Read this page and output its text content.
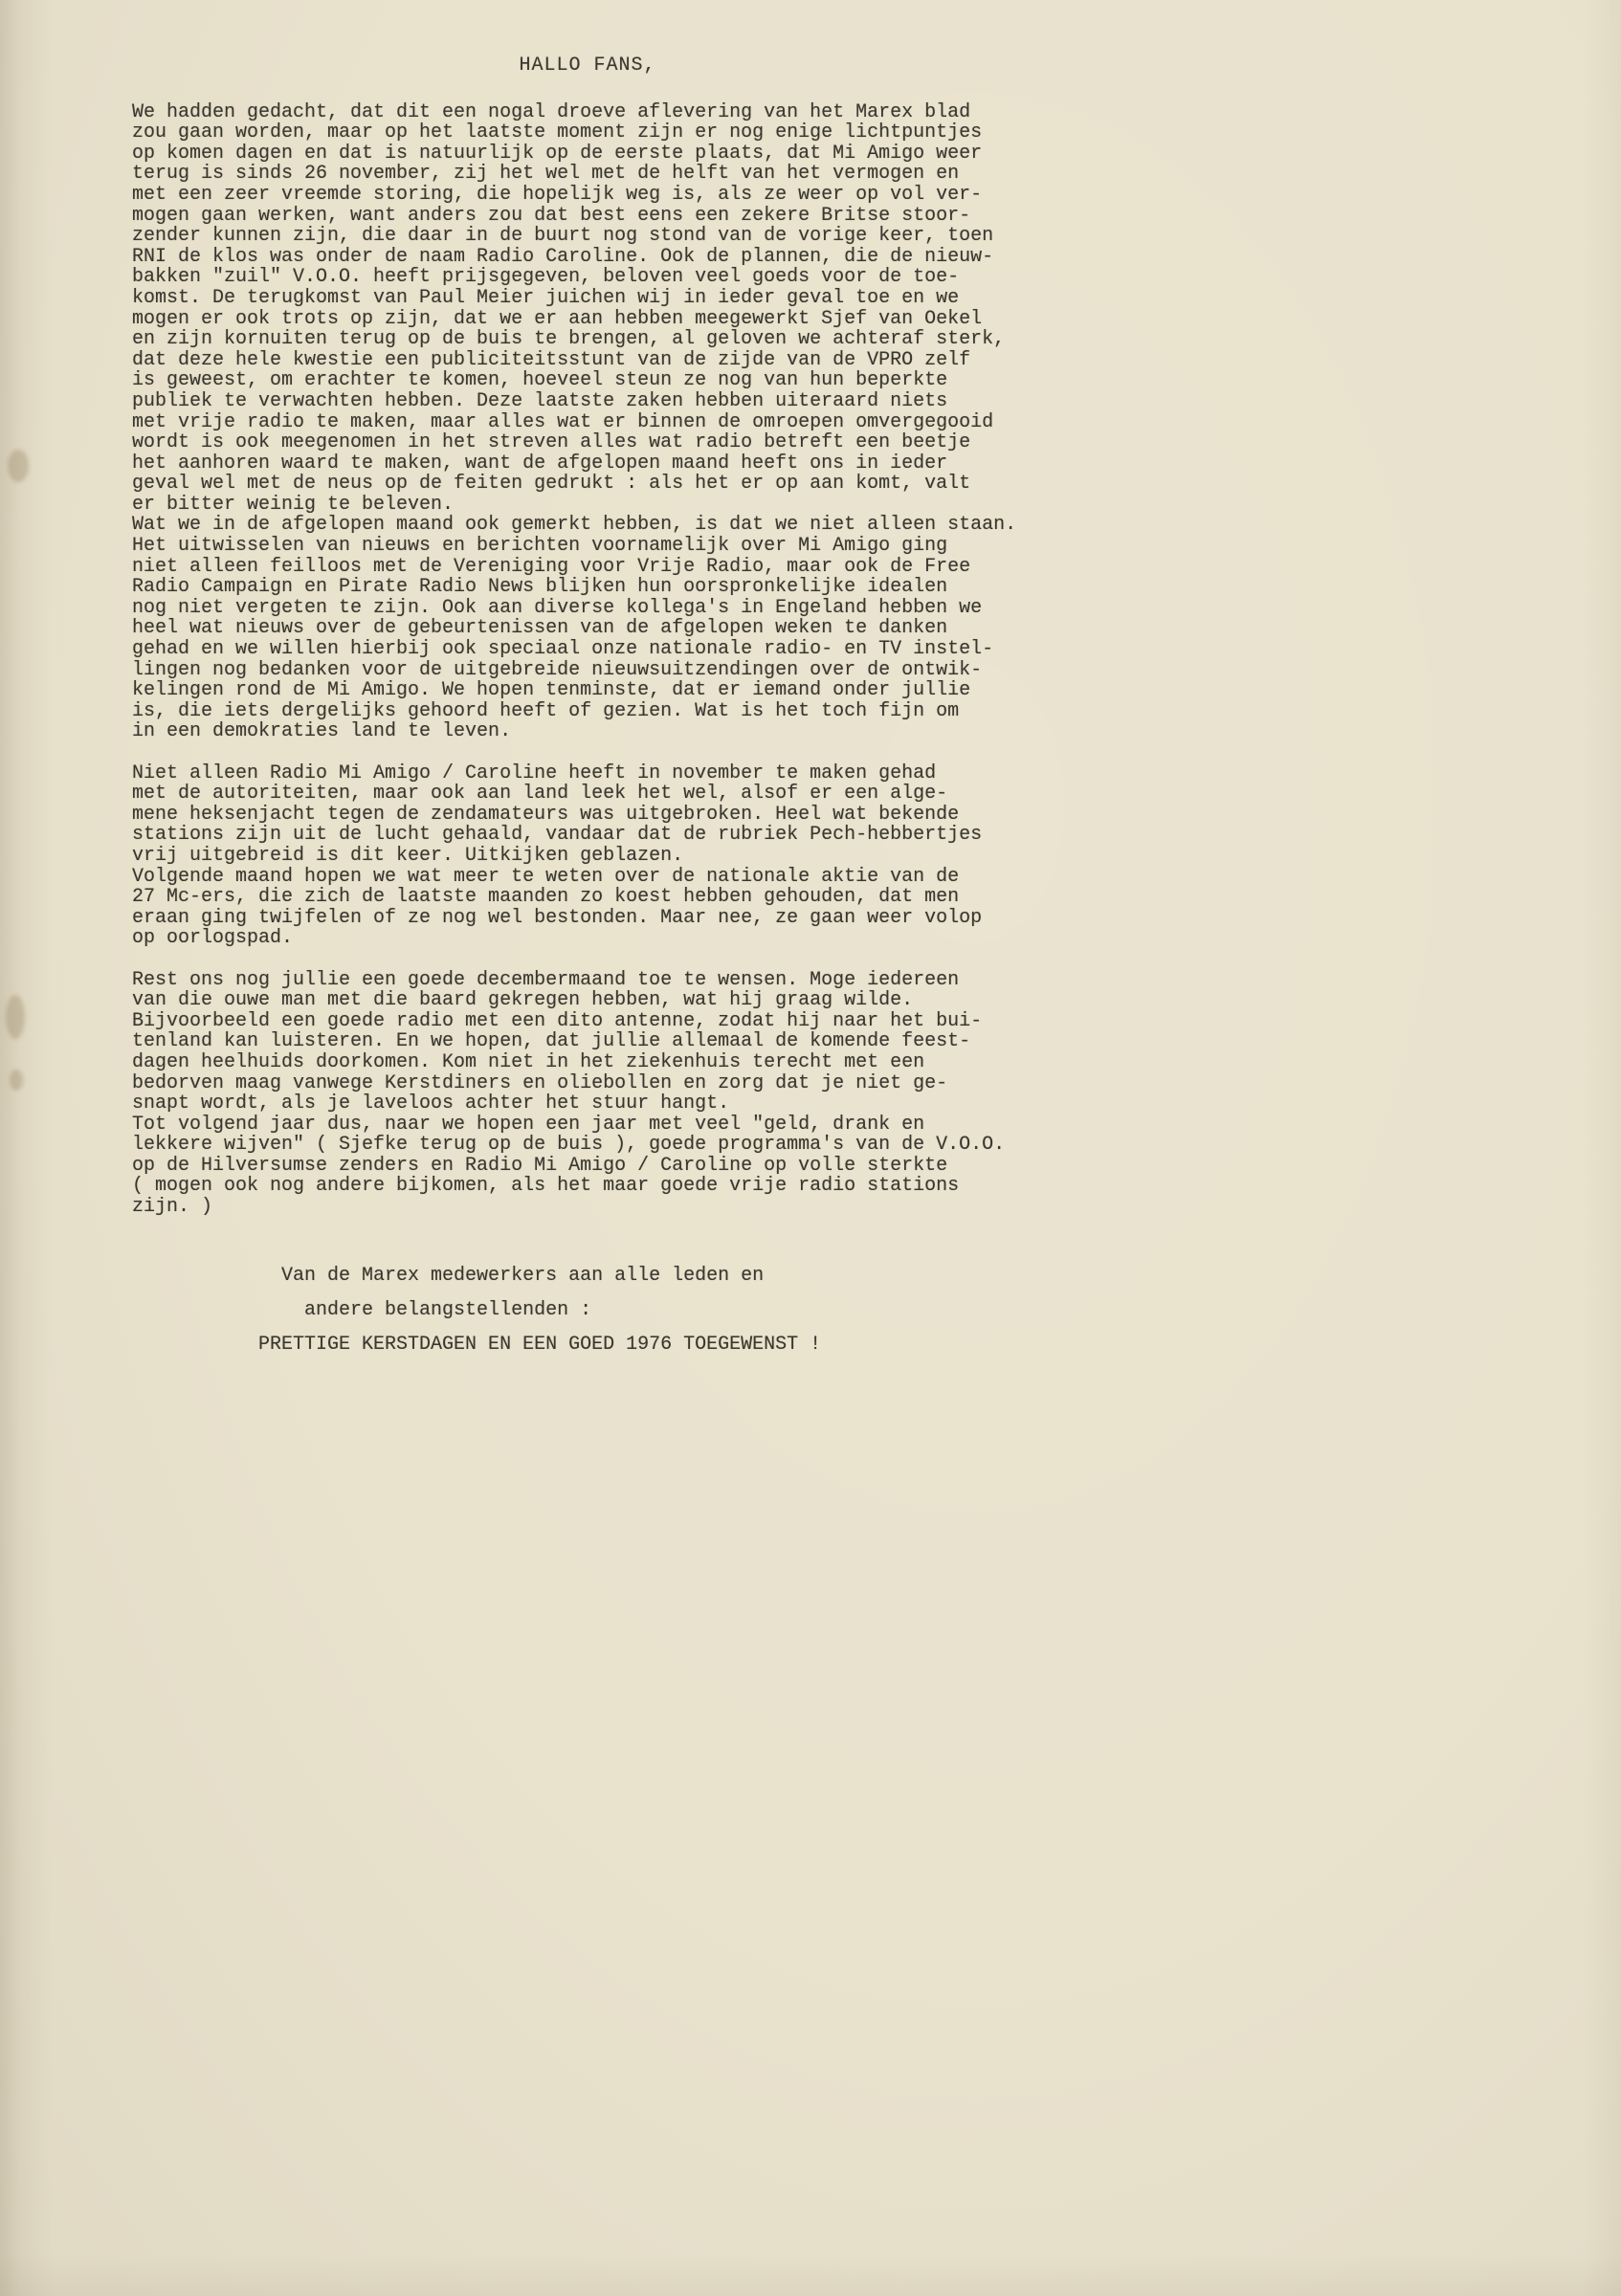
HALLO FANS,
We hadden gedacht, dat dit een nogal droeve aflevering van het Marex blad
zou gaan worden, maar op het laatste moment zijn er nog enige lichtpuntjes
op komen dagen en dat is natuurlijk op de eerste plaats, dat Mi Amigo weer
terug is sinds 26 november, zij het wel met de helft van het vermogen en
met een zeer vreemde storing, die hopelijk weg is, als ze weer op vol ver-
mogen gaan werken, want anders zou dat best eens een zekere Britse stoor-
zender kunnen zijn, die daar in de buurt nog stond van de vorige keer, toen
RNI de klos was onder de naam Radio Caroline. Ook de plannen, die de nieuw-
bakken "zuil" V.O.O. heeft prijsgegeven, beloven veel goeds voor de toe-
komst. De terugkomst van Paul Meier juichen wij in ieder geval toe en we
mogen er ook trots op zijn, dat we er aan hebben meegewerkt Sjef van Oekel
en zijn kornuiten terug op de buis te brengen, al geloven we achteraf sterk,
dat deze hele kwestie een publiciteitsstunt van de zijde van de VPRO zelf
is geweest, om erachter te komen, hoeveel steun ze nog van hun beperkte
publiek te verwachten hebben. Deze laatste zaken hebben uiteraard niets
met vrije radio te maken, maar alles wat er binnen de omroepen omvergegooid
wordt is ook meegenomen in het streven alles wat radio betreft een beetje
het aanhoren waard te maken, want de afgelopen maand heeft ons in ieder
geval wel met de neus op de feiten gedrukt : als het er op aan komt, valt
er bitter weinig te beleven.
Wat we in de afgelopen maand ook gemerkt hebben, is dat we niet alleen staan.
Het uitwisselen van nieuws en berichten voornamelijk over Mi Amigo ging
niet alleen feilloos met de Vereniging voor Vrije Radio, maar ook de Free
Radio Campaign en Pirate Radio News blijken hun oorspronkelijke idealen
nog niet vergeten te zijn. Ook aan diverse kollega's in Engeland hebben we
heel wat nieuws over de gebeurtenissen van de afgelopen weken te danken
gehad en we willen hierbij ook speciaal onze nationale radio- en TV instel-
lingen nog bedanken voor de uitgebreide nieuwsuitzendingen over de ontwik-
kelingen rond de Mi Amigo. We hopen tenminste, dat er iemand onder jullie
is, die iets dergelijks gehoord heeft of gezien. Wat is het toch fijn om
in een demokraties land te leven.
Niet alleen Radio Mi Amigo / Caroline heeft in november te maken gehad
met de autoriteiten, maar ook aan land leek het wel, alsof er een alge-
mene heksenjacht tegen de zendamateurs was uitgebroken. Heel wat bekende
stations zijn uit de lucht gehaald, vandaar dat de rubriek Pech-hebbertjes
vrij uitgebreid is dit keer. Uitkijken geblazen.
Volgende maand hopen we wat meer te weten over de nationale aktie van de
27 Mc-ers, die zich de laatste maanden zo koest hebben gehouden, dat men
eraan ging twijfelen of ze nog wel bestonden. Maar nee, ze gaan weer volop
op oorlogspad.
Rest ons nog jullie een goede decembermaand toe te wensen. Moge iedereen
van die ouwe man met die baard gekregen hebben, wat hij graag wilde.
Bijvoorbeeld een goede radio met een dito antenne, zodat hij naar het bui-
tenland kan luisteren. En we hopen, dat jullie allemaal de komende feest-
dagen heelhuids doorkomen. Kom niet in het ziekenhuis terecht met een
bedorven maag vanwege Kerstdiners en oliebollen en zorg dat je niet ge-
snapt wordt, als je laveloos achter het stuur hangt.
Tot volgend jaar dus, naar we hopen een jaar met veel "geld, drank en
lekkere wijven" ( Sjefke terug op de buis ), goede programma's van de V.O.O.
op de Hilversumse zenders en Radio Mi Amigo / Caroline op volle sterkte
( mogen ook nog andere bijkomen, als het maar goede vrije radio stations
zijn. )
Van de Marex medewerkers aan alle leden en
andere belangstellenden :
PRETTIGE KERSTDAGEN EN EEN GOED 1976 TOEGEWENST !
